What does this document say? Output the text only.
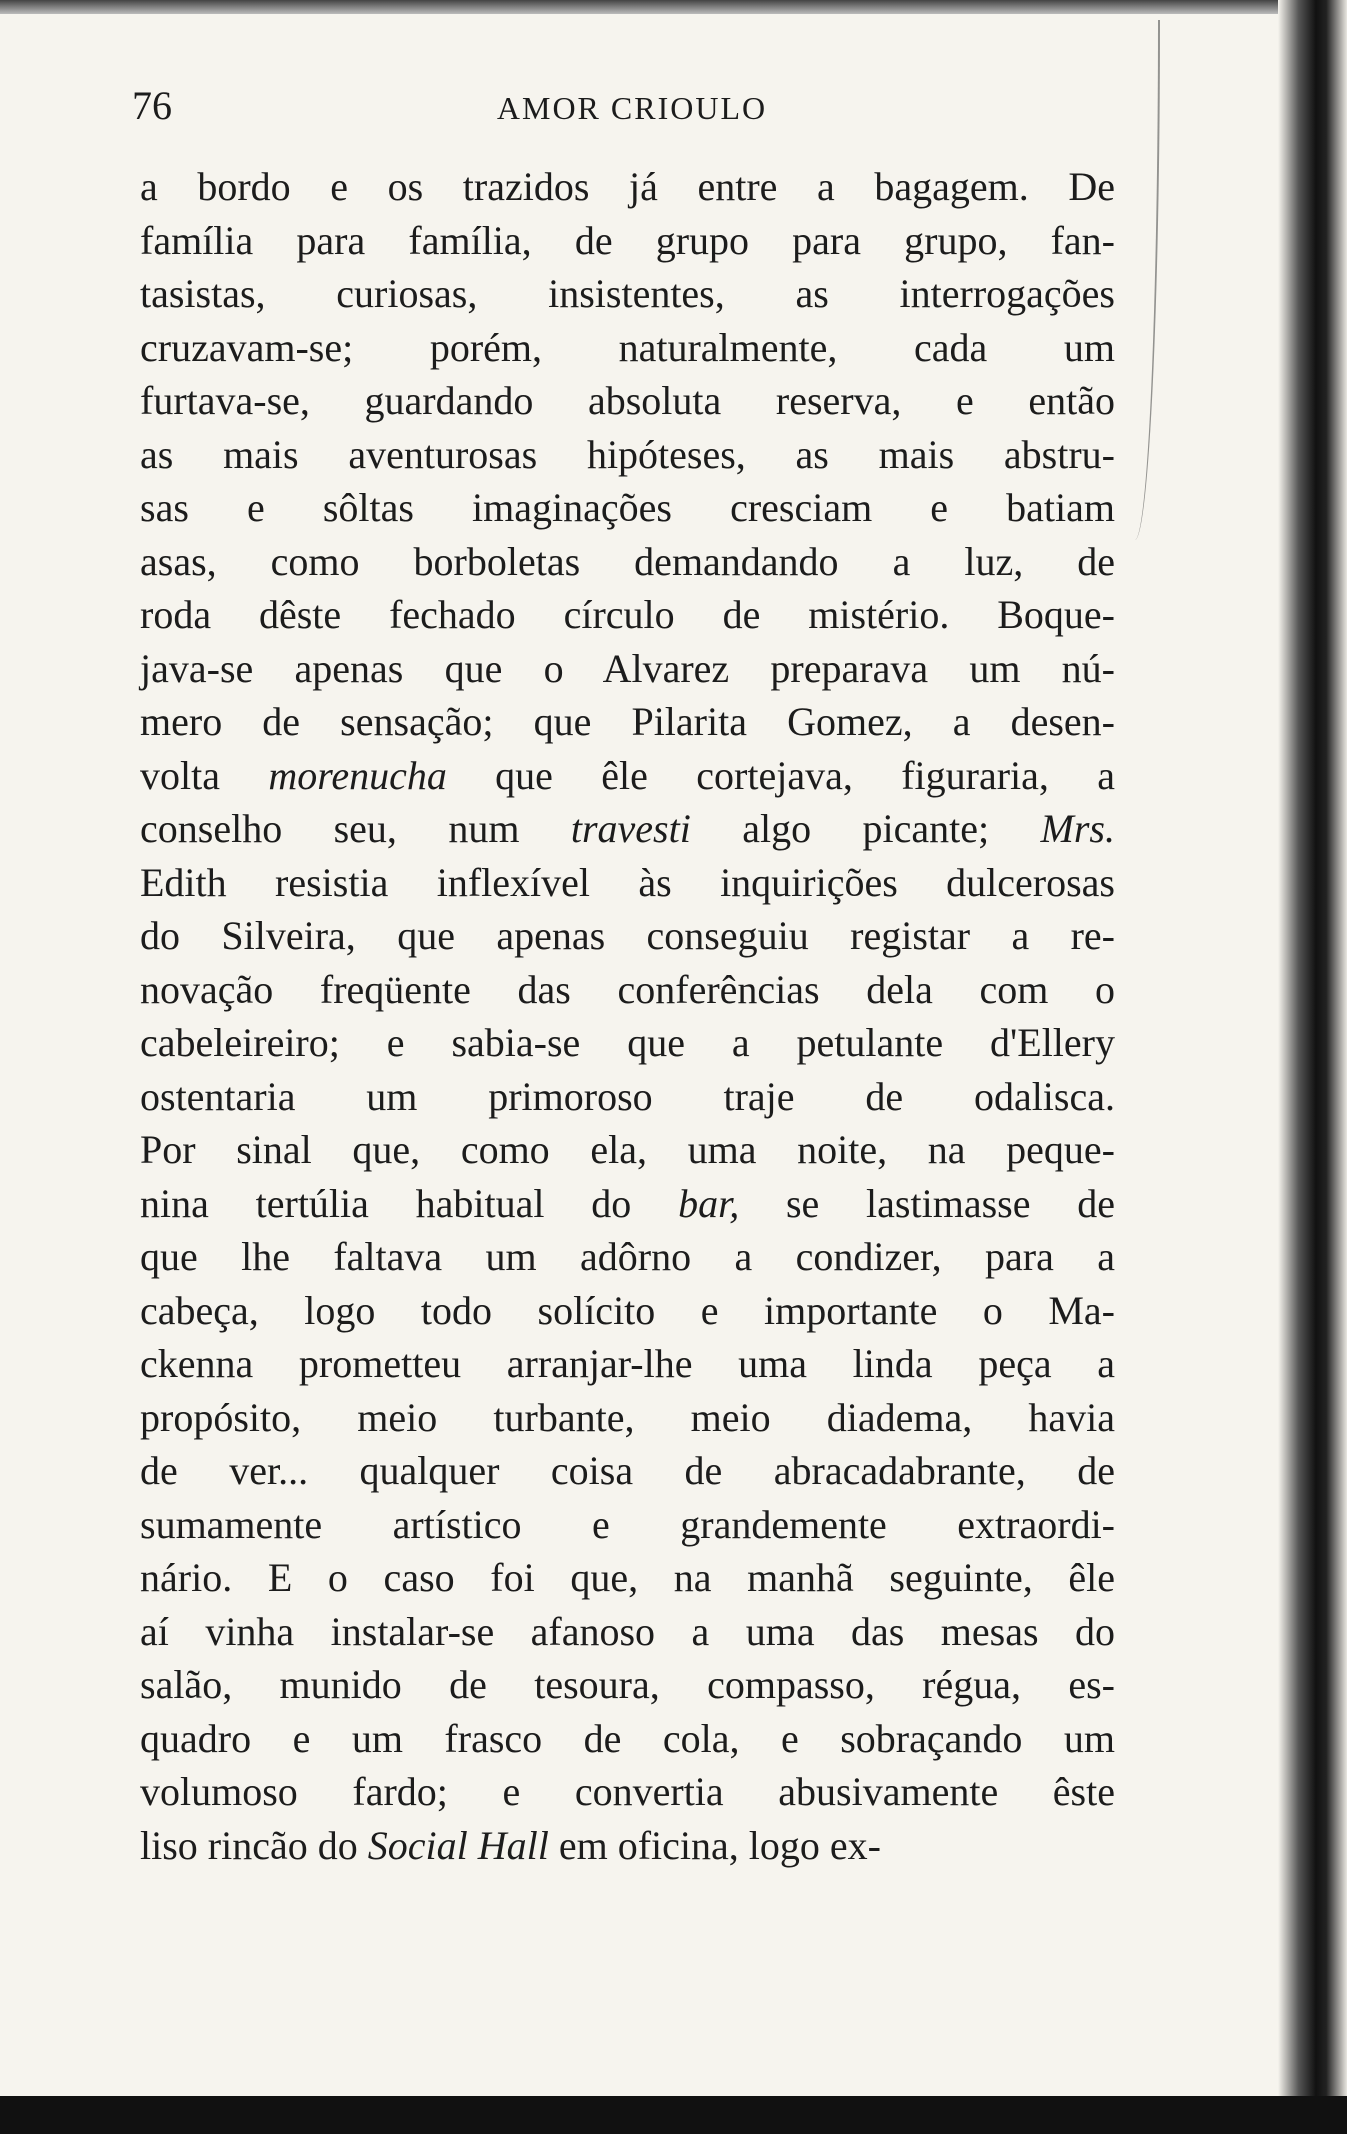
76	AMOR CRIOULO
a bordo e os trazidos já entre a bagagem. De
família para família, de grupo para grupo, fan-
tasistas, curiosas, insistentes, as interrogações
cruzavam-se; porém, naturalmente, cada um
furtava-se, guardando absoluta reserva, e então
as mais aventurosas hipóteses, as mais abstru-
sas e sôltas imaginações cresciam e batiam
asas, como borboletas demandando a luz, de
roda dêste fechado círculo de mistério. Boque-
java-se apenas que o Alvarez preparava um nú-
mero de sensação; que Pilarita Gomez, a desen-
volta morenucha que êle cortejava, figuraria, a
conselho seu, num travesti algo picante; Mrs.
Edith resistia inflexível às inquirições dulcerosas
do Silveira, que apenas conseguiu registar a re-
novação freqüente das conferências dela com o
cabeleireiro; e sabia-se que a petulante d'Ellery
ostentaria um primoroso traje de odalisca.
Por sinal que, como ela, uma noite, na peque-
nina tertúlia habitual do bar, se lastimasse de
que lhe faltava um adôrno a condizer, para a
cabeça, logo todo solícito e importante o Ma-
ckenna prometteu arranjar-lhe uma linda peça a
propósito, meio turbante, meio diadema, havia
de ver... qualquer coisa de abracadabrante, de
sumamente artístico e grandemente extraordi-
nário. E o caso foi que, na manhã seguinte, êle
aí vinha instalar-se afanoso a uma das mesas do
salão, munido de tesoura, compasso, régua, es-
quadro e um frasco de cola, e sobraçando um
volumoso fardo; e convertia abusivamente êste
liso rincão do Social Hall em oficina, logo ex-
